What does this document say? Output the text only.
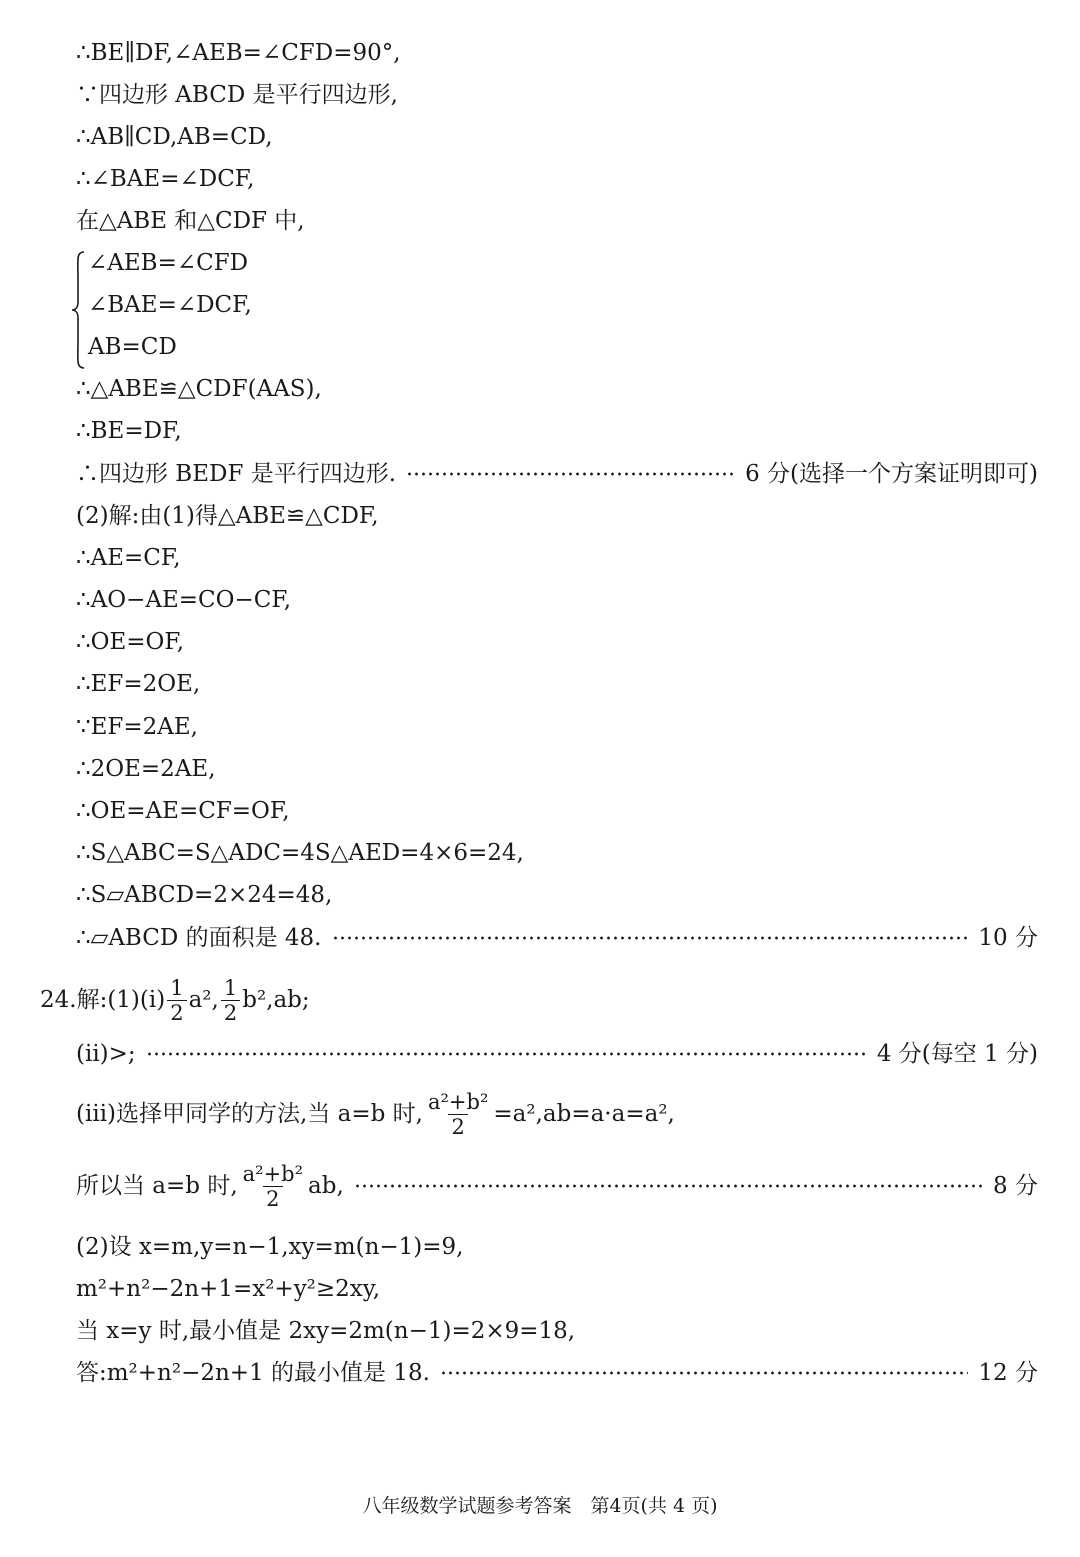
∴BE∥DF,∠AEB=∠CFD=90°,
∵四边形 ABCD 是平行四边形,
∴AB∥CD,AB=CD,
∴∠BAE=∠DCF,
在△ABE 和△CDF 中,
∠AEB=∠CFD
∠BAE=∠DCF,
AB=CD
∴△ABE≌△CDF(AAS),
∴BE=DF,
∴四边形 BEDF 是平行四边形.	6 分(选择一个方案证明即可)
(2)解:由(1)得△ABE≌△CDF,
∴AE=CF,
∴AO−AE=CO−CF,
∴OE=OF,
∴EF=2OE,
∵EF=2AE,
∴2OE=2AE,
∴OE=AE=CF=OF,
∴S△ABC=S△ADC=4S△AED=4×6=24,
∴S▱ABCD=2×24=48,
∴▱ABCD 的面积是 48.	10 分
24.解:(1)(ⅰ) $\frac{1}{2} a^2$, $\frac{1}{2} b^2,ab$;
(ⅱ)>;	4 分(每空 1 分)
(ⅲ)选择甲同学的方法,当 a=b 时, $\frac{\text{a²+b²}}{2} =a^2,ab=a\cdot a=a^2$,
所以当 a=b 时, $\frac{\text{a²+b²}}{2}$ ab,	8 分
(2)设 x=m,y=n−1,xy=m(n−1)=9,
m²+n²−2n+1=x²+y²≥2xy,
当 x=y 时,最小值是 2xy=2m(n−1)=2×9=18,
答:m²+n²−2n+1 的最小值是 18.	12 分
八年级数学试题参考答案　第4页(共 4 页)
